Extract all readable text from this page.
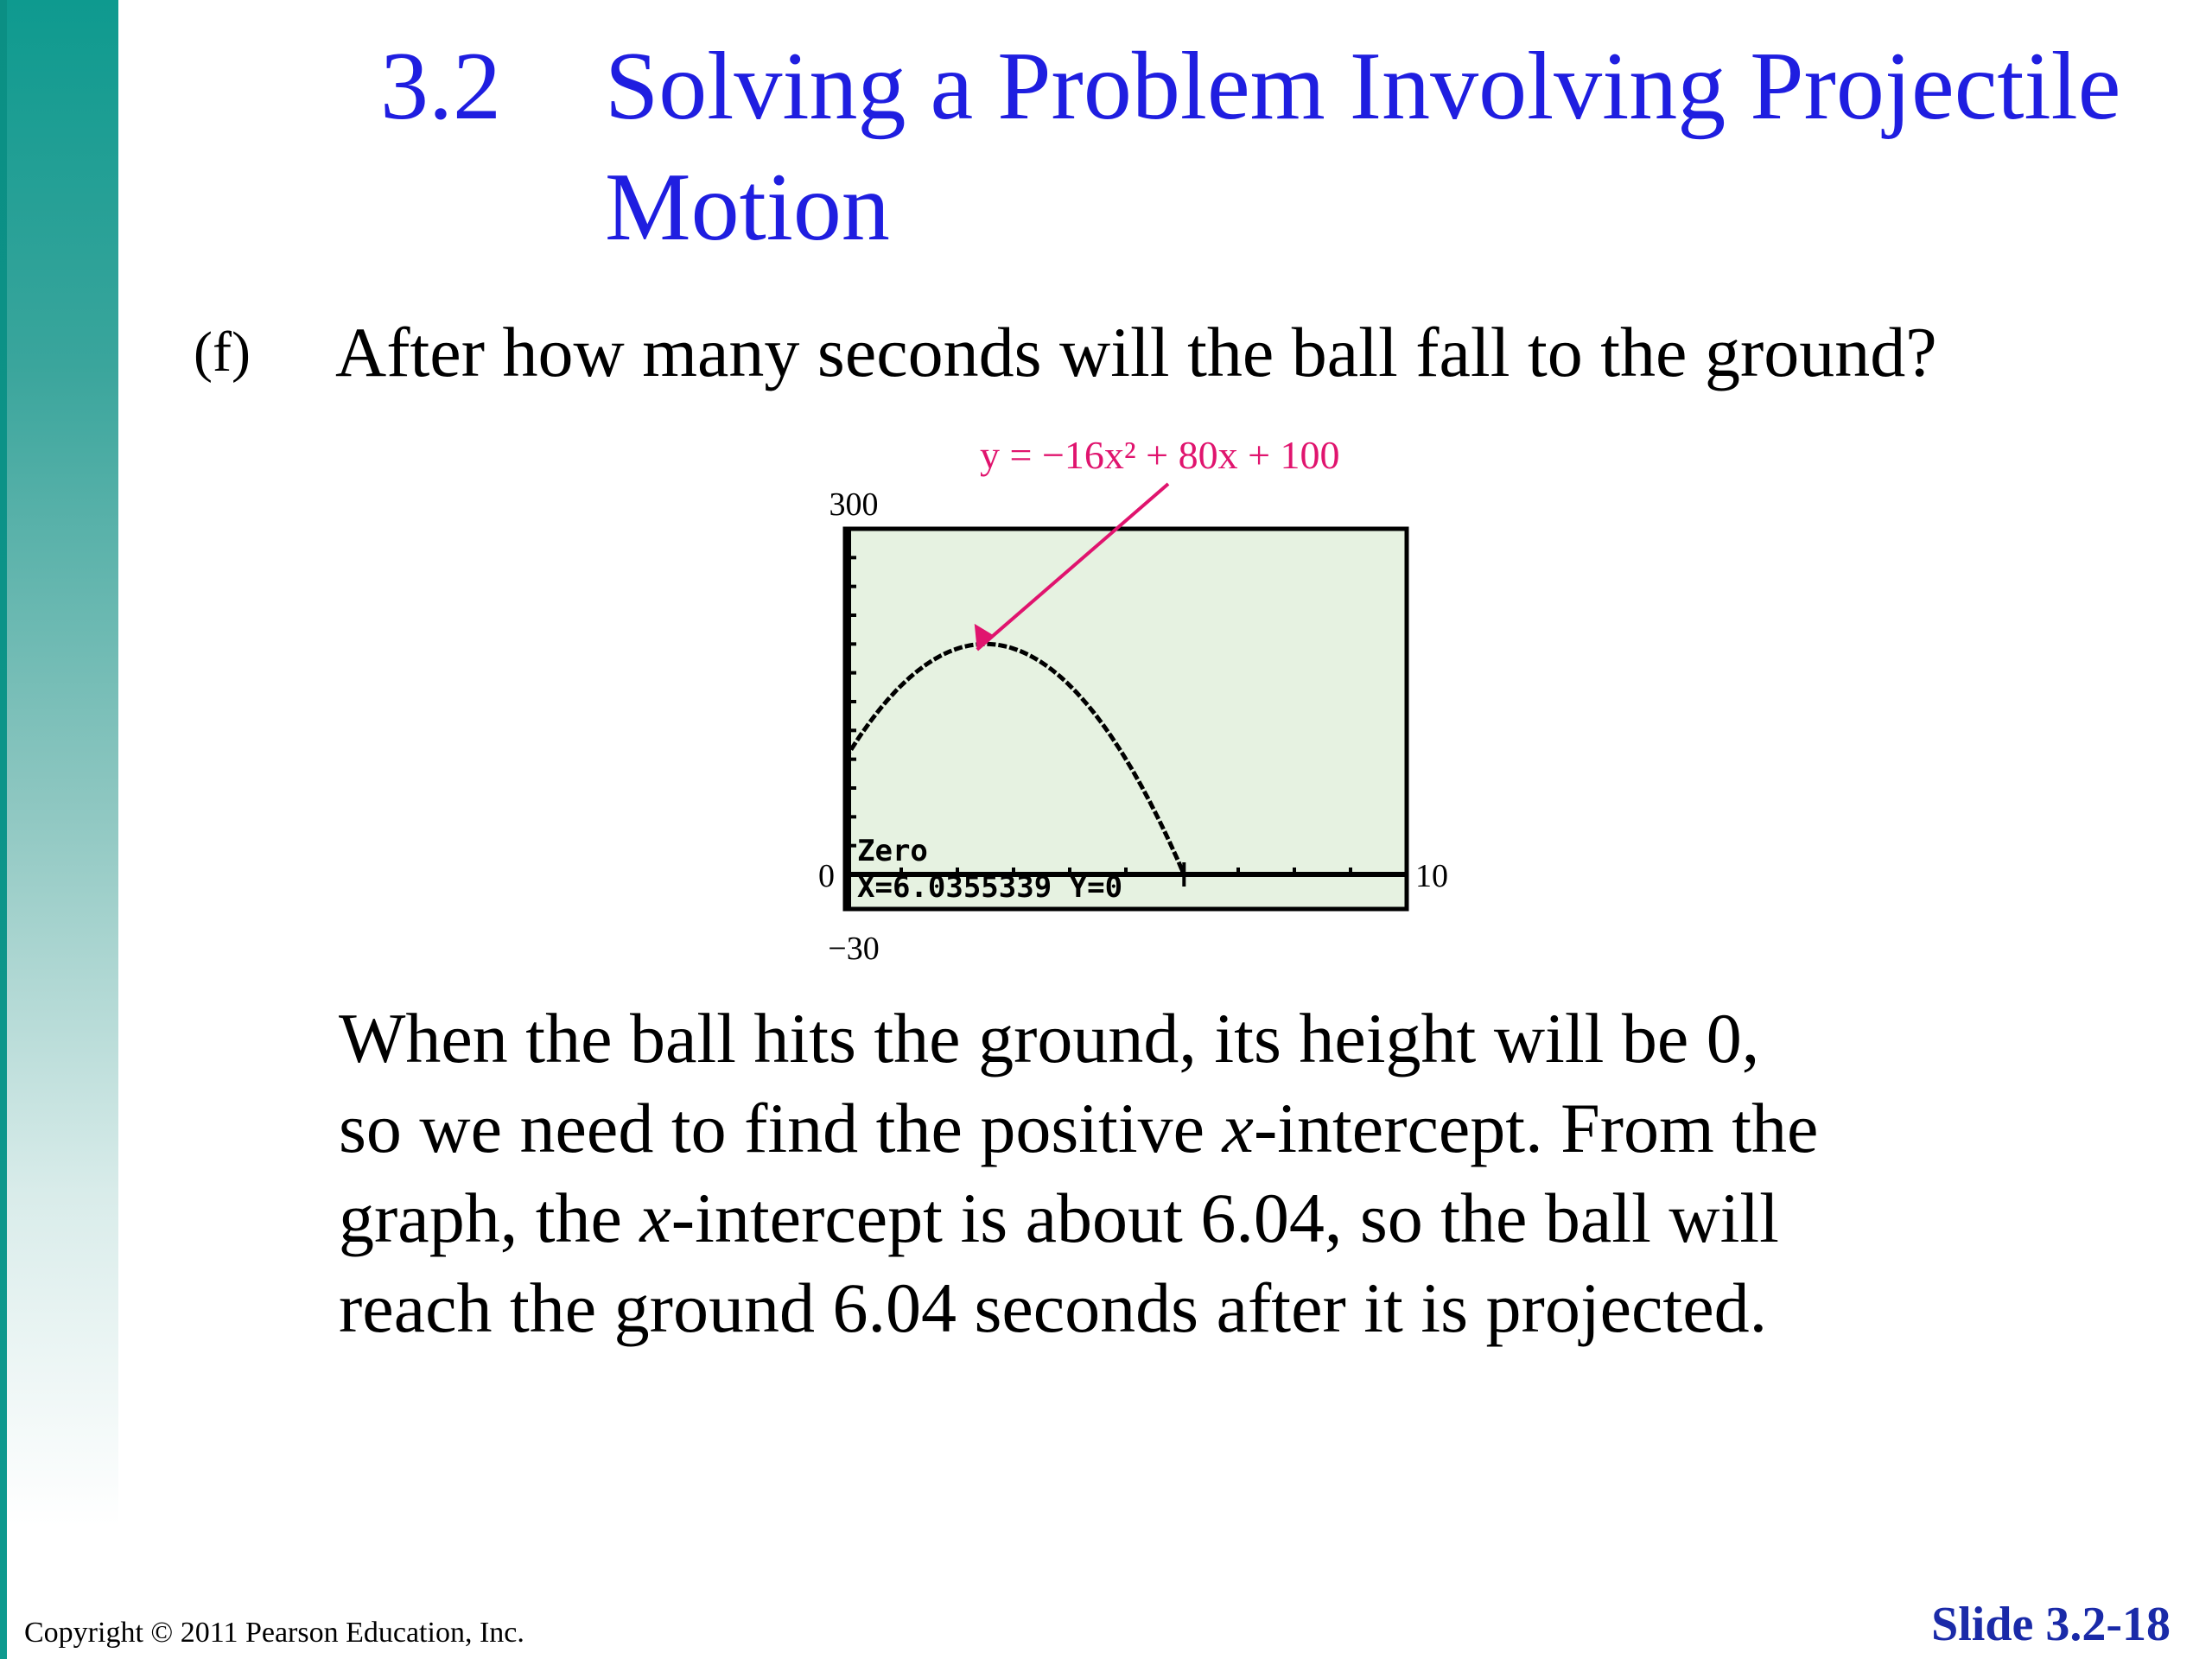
3.2	Solving a Problem Involving Projectile Motion
(f) After how many seconds will the ball fall to the ground?
Zero
X=6.0355339 Y=0
300
−30
0	10
y = −16x² + 80x + 100

When the ball hits the ground, its height will be 0,
so we need to find the positive x-intercept. From the
graph, the x-intercept is about 6.04, so the ball will
reach the ground 6.04 seconds after it is projected.

Copyright © 2011 Pearson Education, Inc.	Slide 3.2-18
